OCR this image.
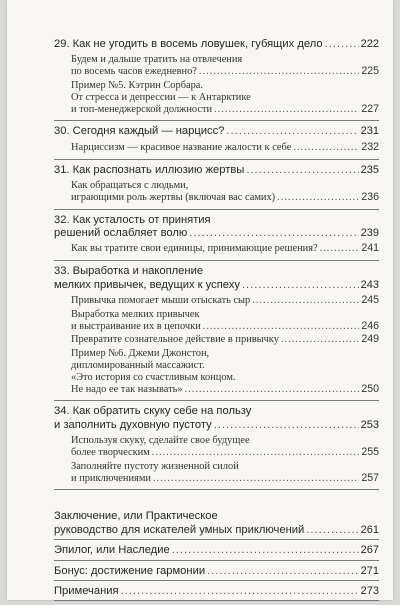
29. Как не угодить в восемь ловушек, губящих дело .....	222
Будем и дальше тратить на отвлечения
по восемь часов ежедневно? .....	225
Пример №5. Кэтрин Сорбара.
От стресса и депрессии — к Антарктике
и топ-менеджерской должности .....	227
30. Сегодня каждый — нарцисс? .....	231
Нарциссизм — красивое название жалости к себе .....	232
31. Как распознать иллюзию жертвы .....	235
Как обращаться с людьми,
играющими роль жертвы (включая вас самих) .....	236
32. Как усталость от принятия
решений ослабляет волю .....	239
Как вы тратите свои единицы, принимающие решения? .....	241
33. Выработка и накопление
мелких привычек, ведущих к успеху .....	243
Привычка помогает мыши отыскать сыр .....	245
Выработка мелких привычек
и выстраивание их в цепочки .....	246
Превратите сознательное действие в привычку .....	249
Пример №6. Джеми Джонстон,
дипломированный массажист.
«Это история со счастливым концом.
Не надо ее так называть» .....	250
34. Как обратить скуку себе на пользу
и заполнить духовную пустоту .....	253
Используя скуку, сделайте свое будущее
более творческим .....	255
Заполняйте пустоту жизненной силой
и приключениями .....	257
Заключение, или Практическое
руководство для искателей умных приключений .....	261
Эпилог, или Наследие .....	267
Бонус: достижение гармонии .....	271
Примечания .....	273
